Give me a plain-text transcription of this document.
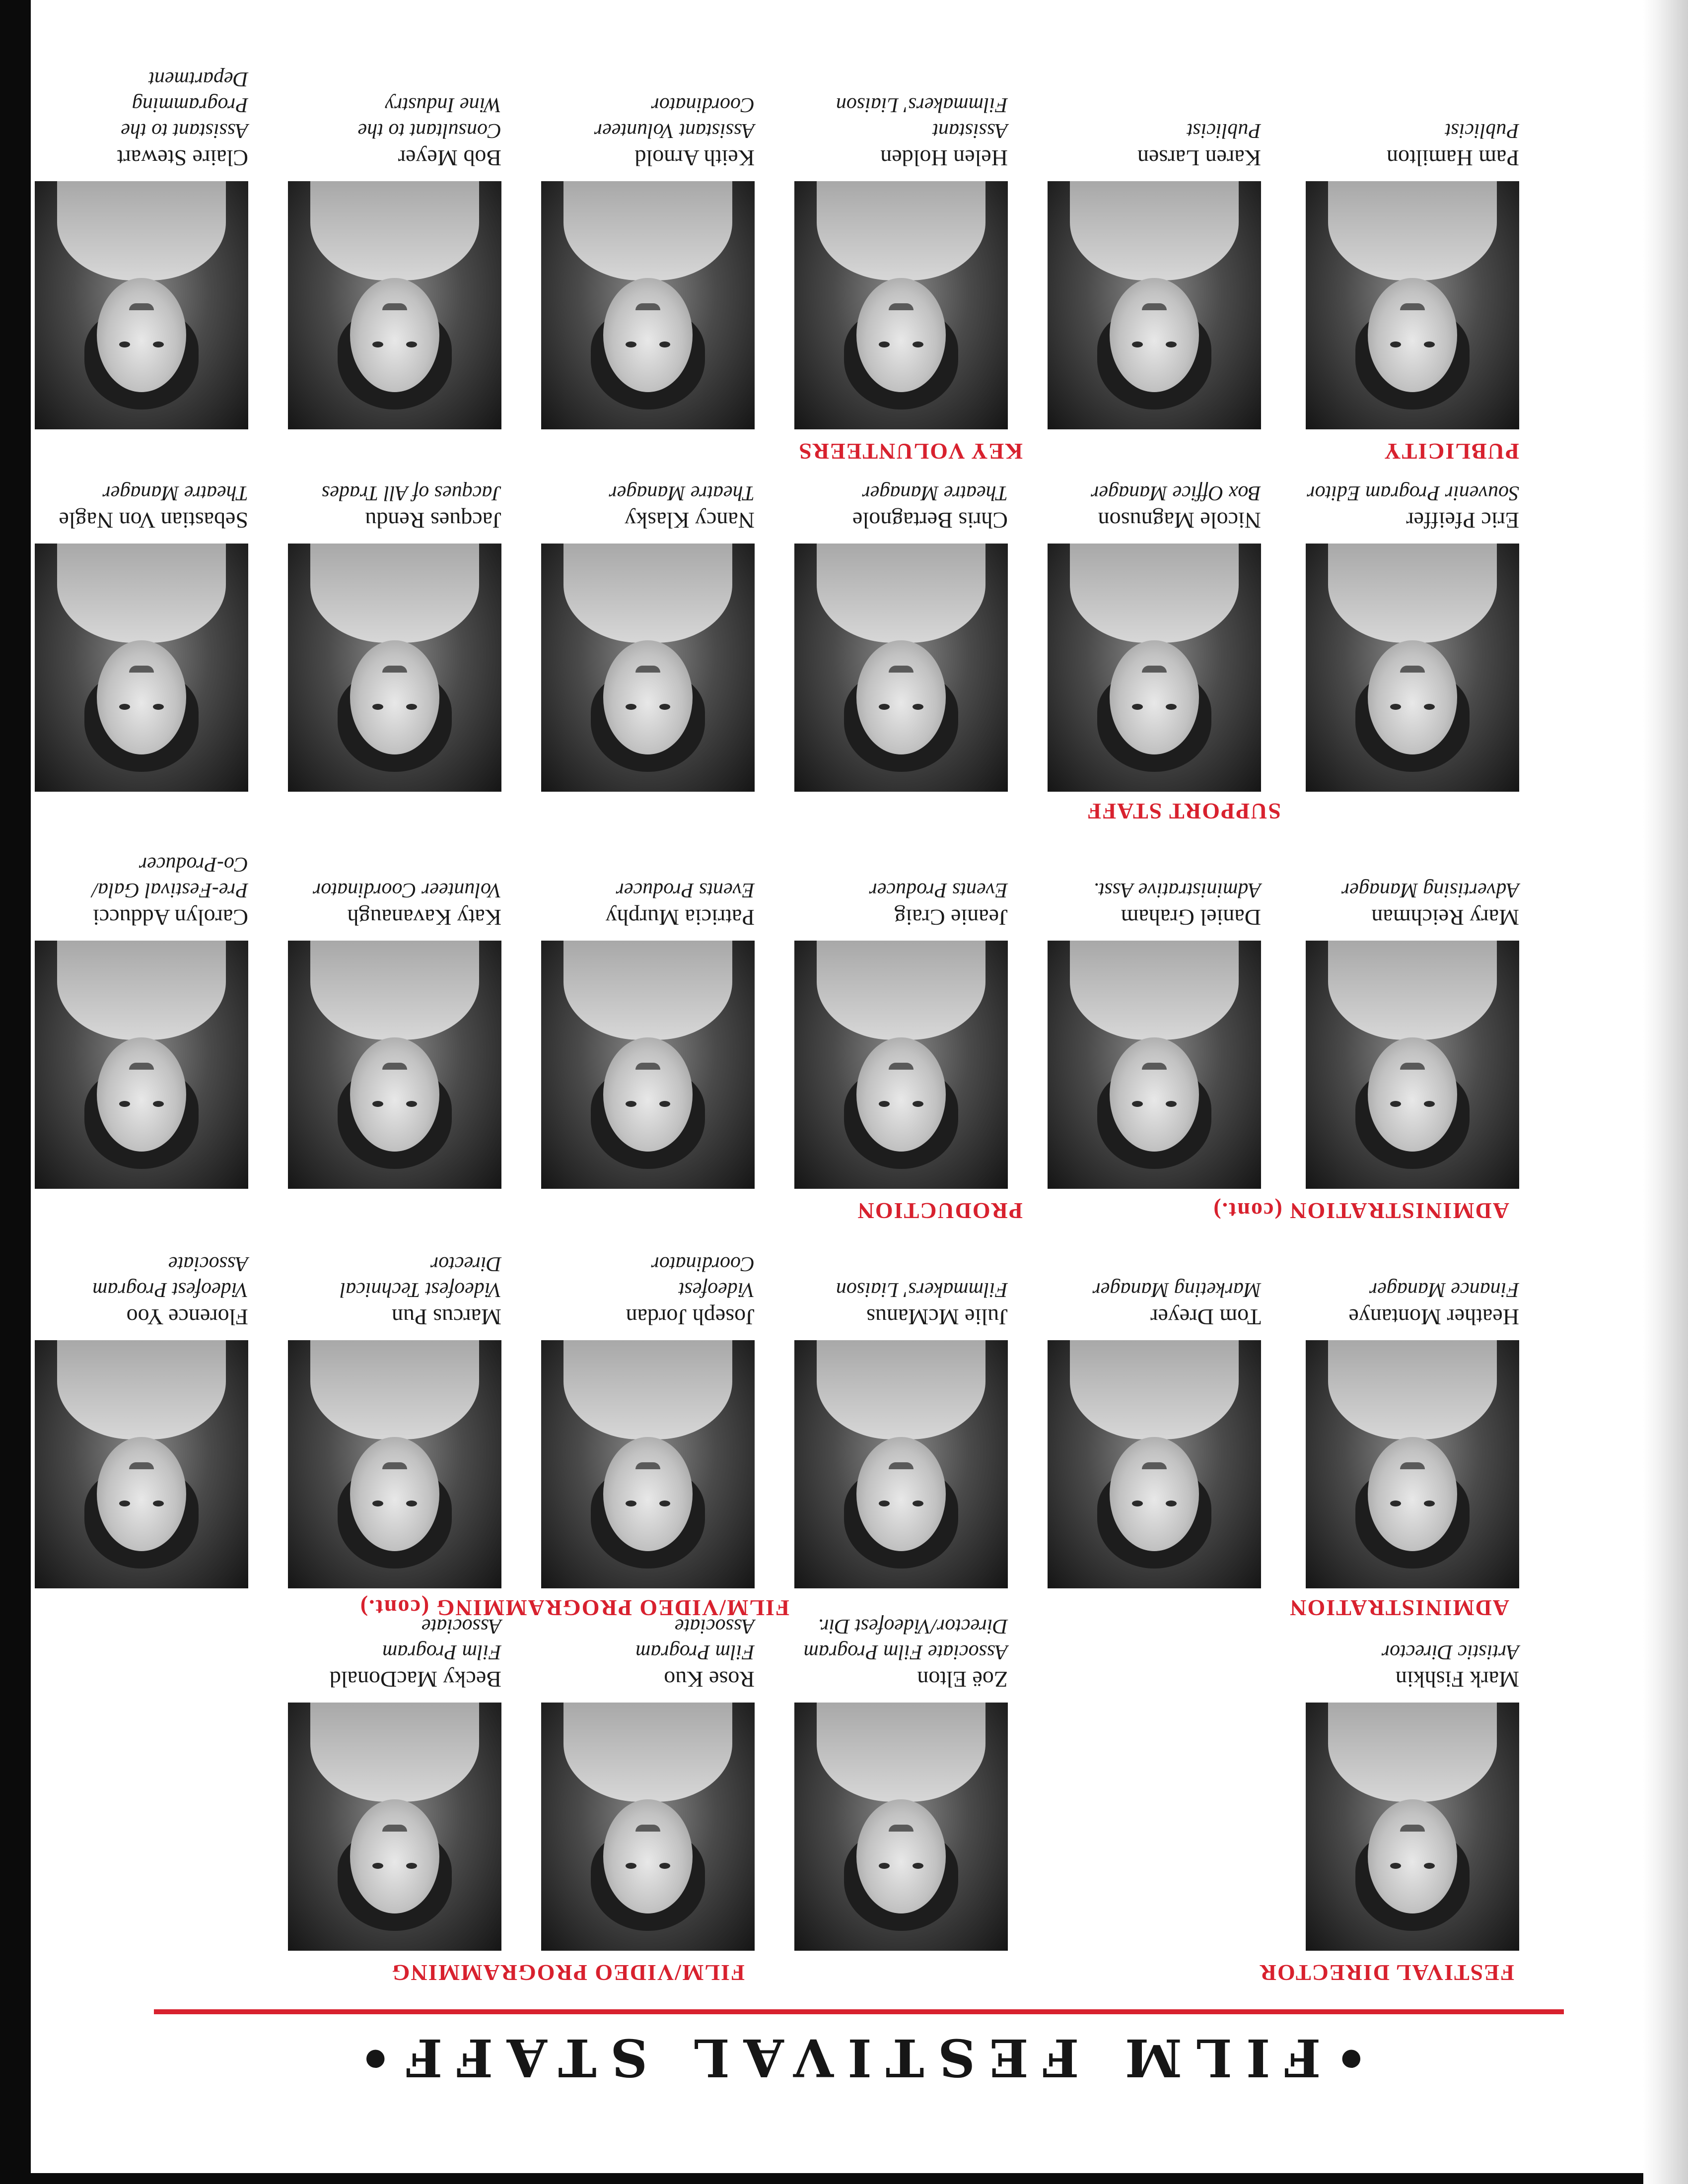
•FILM FESTIVAL STAFF•
FESTIVAL DIRECTOR
FILM/VIDEO PROGRAMMING
FILM/VIDEO PROGRAMMING (cont.)	ADMINISTRATION
ADMINISTRATION (cont.)
PRODUCTION
SUPPORT STAFF
PUBLICITY
KEY VOLUNTEERS
Mark Fishkin
Artistic Director
Zoë Elton
Associate Film Program
Director/Videofest Dir.
Rose Kuo
Film Program
Associate
Becky MacDonald
Film Program
Associate
Heather Montanye
Finance Manager
Tom Dreyer
Marketing Manager
Julie McManus
Filmmakers' Liaison
Joseph Jordan
Videofest
Coordinator
Marcus Pun
Videofest Technical
Director
Florence Yoo
Videofest Program
Associate
Mary Reichman
Advertising Manager
Daniel Graham
Administrative Asst.
Jeanie Craig
Events Producer
Patricia Murphy
Events Producer
Katy Kavanaugh
Volunteer Coordinator
Carolyn Adducci
Pre-Festival Gala/
Co-Producer
Eric Pfeiffer
Souvenir Program Editor
Nicole Magnuson
Box Office Manager
Chris Bertagnole
Theatre Manager
Nancy Klasky
Theatre Manager
Jacques Rendu
Jacques of All Trades
Sebastian Von Nagle
Theatre Manager
Pam Hamilton
Publicist
Karen Larsen
Publicist
Helen Holden
Assistant
Filmmakers' Liaison
Keith Arnold
Assistant Volunteer
Coordinator
Bob Meyer
Consultant to the
Wine Industry
Claire Stewart
Assistant to the
Programming
Department
